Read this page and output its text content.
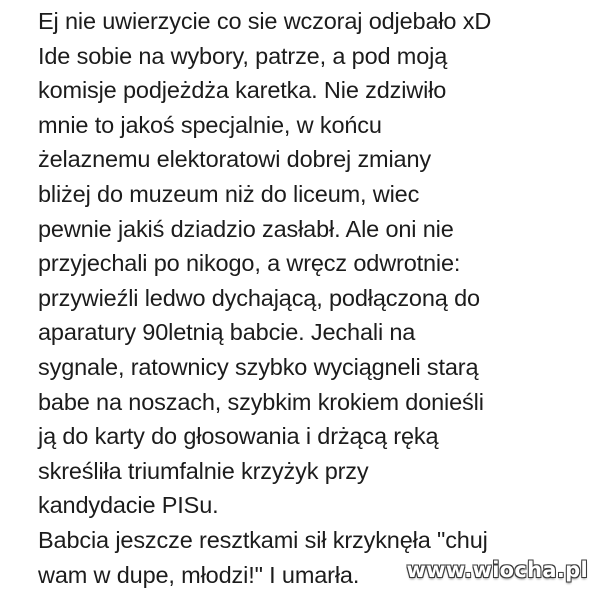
Ej nie uwierzycie co sie wczoraj odjebało xD
Ide sobie na wybory, patrze, a pod moją
komisje podjeżdża karetka. Nie zdziwiło
mnie to jakoś specjalnie, w końcu
żelaznemu elektoratowi dobrej zmiany
bliżej do muzeum niż do liceum, wiec
pewnie jakiś dziadzio zasłabł. Ale oni nie
przyjechali po nikogo, a wręcz odwrotnie:
przywieźli ledwo dychającą, podłączoną do
aparatury 90letnią babcie. Jechali na
sygnale, ratownicy szybko wyciągneli starą
babe na noszach, szybkim krokiem donieśli
ją do karty do głosowania i drżącą ręką
skreśliła triumfalnie krzyżyk przy
kandydacie PISu.
Babcia jeszcze resztkami sił krzyknęła "chuj
wam w dupe, młodzi!" I umarła.	www.wiocha.pl
